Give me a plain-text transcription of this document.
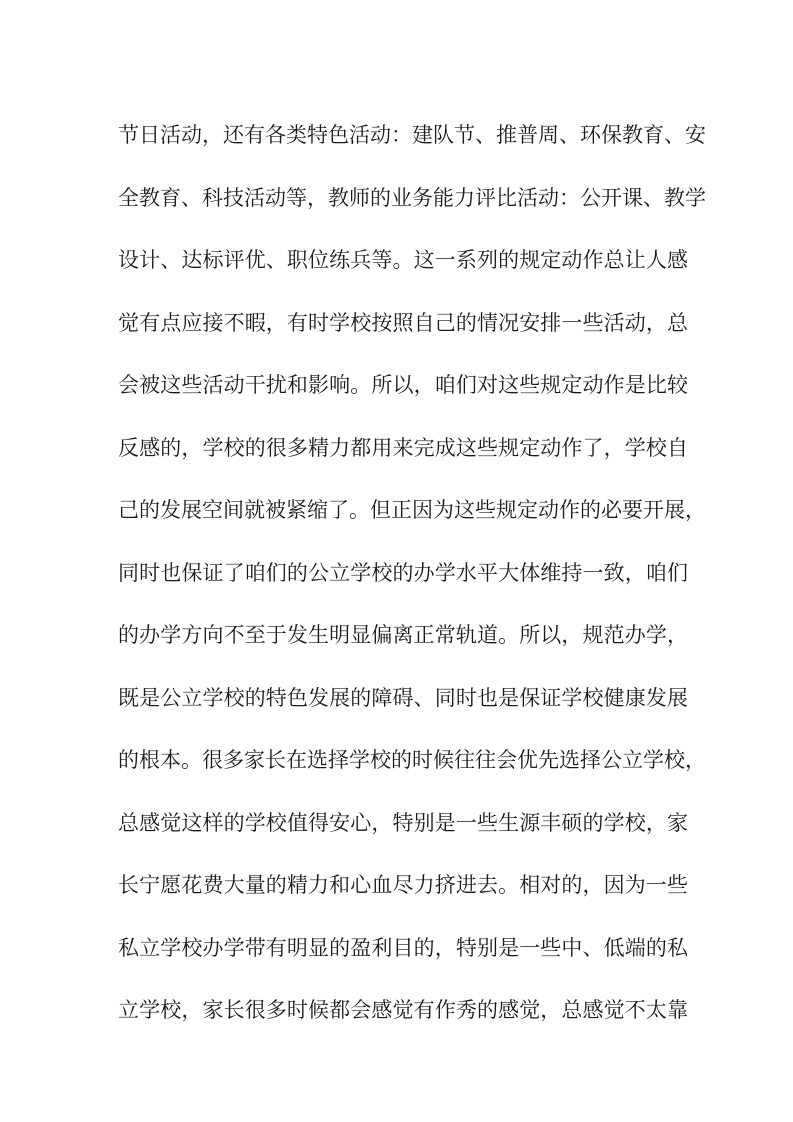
节日活动，还有各类特色活动：建队节、推普周、环保教育、安
全教育、科技活动等，教师的业务能力评比活动：公开课、教学
设计、达标评优、职位练兵等。这一系列的规定动作总让人感
觉有点应接不暇，有时学校按照自己的情况安排一些活动，总
会被这些活动干扰和影响。所以，咱们对这些规定动作是比较
反感的，学校的很多精力都用来完成这些规定动作了，学校自
己的发展空间就被紧缩了。但正因为这些规定动作的必要开展，
同时也保证了咱们的公立学校的办学水平大体维持一致，咱们
的办学方向不至于发生明显偏离正常轨道。所以，规范办学，
既是公立学校的特色发展的障碍、同时也是保证学校健康发展
的根本。很多家长在选择学校的时候往往会优先选择公立学校，
总感觉这样的学校值得安心，特别是一些生源丰硕的学校，家
长宁愿花费大量的精力和心血尽力挤进去。相对的，因为一些
私立学校办学带有明显的盈利目的，特别是一些中、低端的私
立学校，家长很多时候都会感觉有作秀的感觉，总感觉不太靠
